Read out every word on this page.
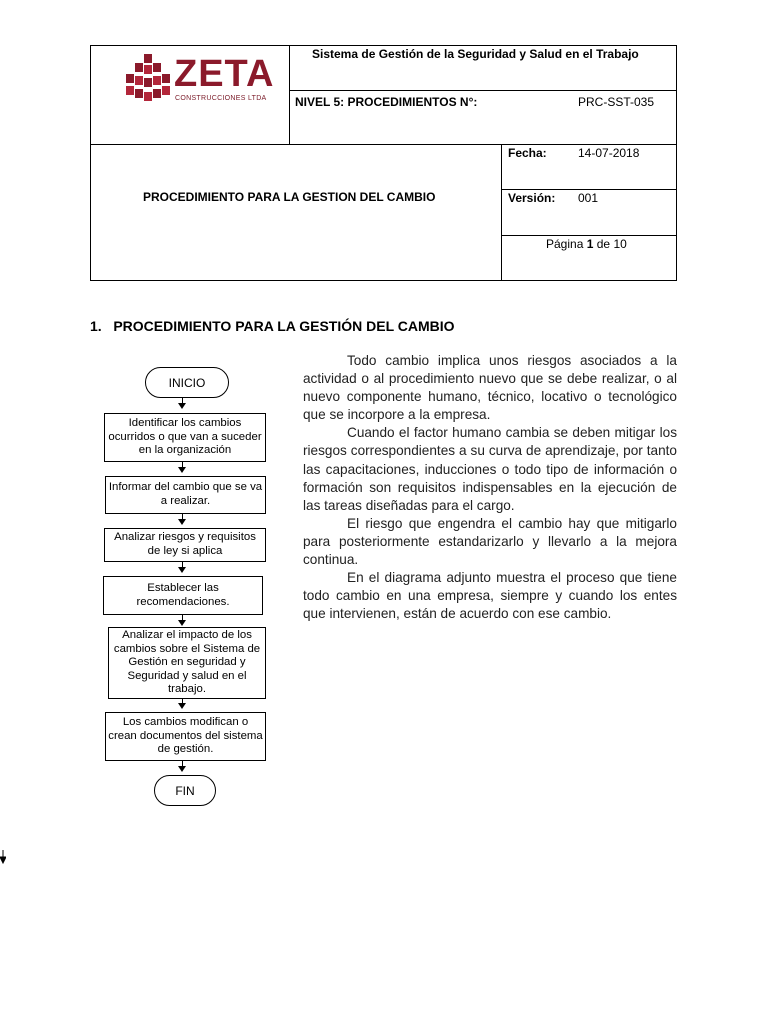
ZETA
CONSTRUCCIONES LTDA
Sistema de Gestión de la Seguridad y Salud en el Trabajo
NIVEL 5: PROCEDIMIENTOS N°:	PRC-SST-035
PROCEDIMIENTO PARA LA GESTION DEL CAMBIO
Fecha:	14-07-2018
Versión: 001
Página 1 de 10
1.   PROCEDIMIENTO PARA LA GESTIÓN DEL CAMBIO

Todo cambio implica unos riesgos asociados a la actividad o al procedimiento nuevo que se debe realizar, o al nuevo componente humano, técnico, locativo o tecnológico que se incorpore a la empresa.

Cuando el factor humano cambia se deben mitigar los riesgos correspondientes a su curva de aprendizaje, por tanto las capacitaciones, inducciones o todo tipo de información o formación son requisitos indispensables en la ejecución de las tareas diseñadas para el cargo.

El riesgo que engendra el cambio hay que mitigarlo para posteriormente estandarizarlo y llevarlo a la mejora continua.

En el diagrama adjunto muestra el proceso que tiene todo cambio en una empresa, siempre y cuando los entes que intervienen, están de acuerdo con ese cambio.

INICIO
Identificar los cambios ocurridos o que van a suceder en la organización
Informar del cambio que se va a realizar.
Analizar riesgos y requisitos de ley si aplica
Establecer las recomendaciones.
Analizar el impacto de los cambios sobre el Sistema de Gestión en seguridad y Seguridad y salud en el trabajo.
Los cambios modifican o crean documentos del sistema de gestión.
FIN
